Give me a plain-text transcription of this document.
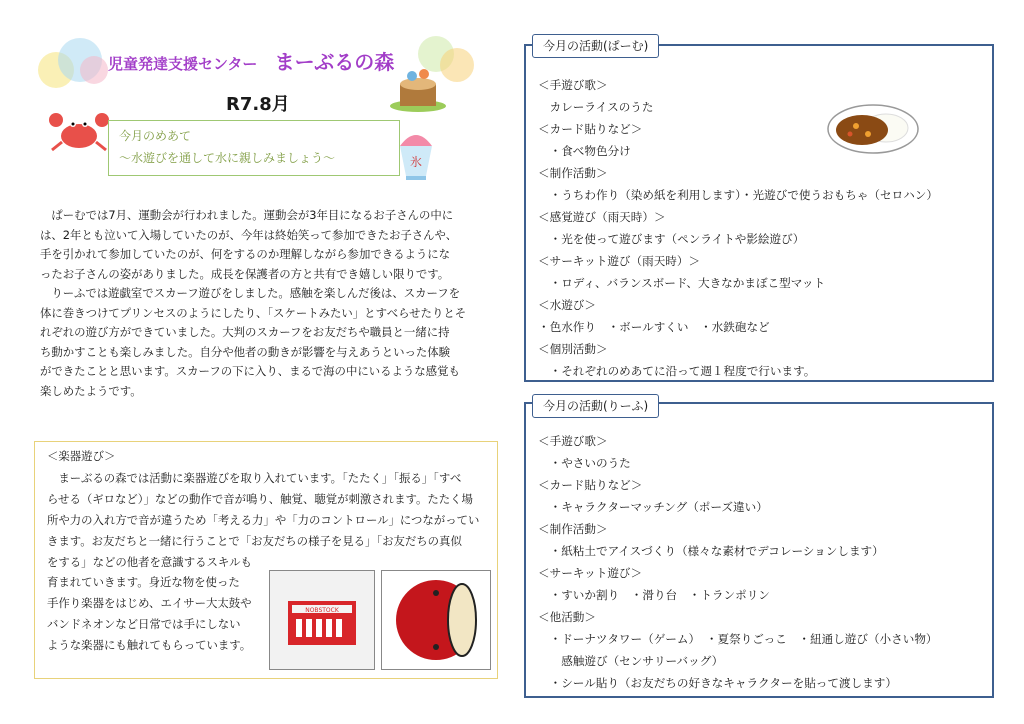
児童発達支援センター まーぶるの森
R7.8月
今月のめあて
～水遊びを通して水に親しみましょう～	氷

　ぱーむでは7月、運動会が行われました。運動会が3年目になるお子さんの中に

は、2年とも泣いて入場していたのが、今年は終始笑って参加できたお子さんや、

手を引かれて参加していたのが、何をするのか理解しながら参加できるようにな

ったお子さんの姿がありました。成長を保護者の方と共有でき嬉しい限りです。

　りーふでは遊戯室でスカーフ遊びをしました。感触を楽しんだ後は、スカーフを

体に巻きつけてプリンセスのようにしたり、「スケートみたい」とすべらせたりとそ

れぞれの遊び方ができていました。大判のスカーフをお友だちや職員と一緒に持

ち動かすことも楽しみました。自分や他者の動きが影響を与えあうといった体験

ができたことと思います。スカーフの下に入り、まるで海の中にいるような感覚も

楽しめたようです。

＜楽器遊び＞
　まーぶるの森では活動に楽器遊びを取り入れています。「たたく」「振る」「すべ
らせる（ギロなど）」などの動作で音が鳴り、触覚、聴覚が刺激されます。たたく場
所や力の入れ方で音が違うため「考える力」や「力のコントロール」につながってい
きます。お友だちと一緒に行うことで「お友だちの様子を見る」「お友だちの真似
をする」などの他者を意識するスキルも
育まれていきます。身近な物を使った
手作り楽器をはじめ、エイサー大太鼓や
バンドネオンなど日常では手にしない
ような楽器にも触れてもらっています。
NOBSTOCK
＜手遊び歌＞
　カレーライスのうた
＜カード貼りなど＞
　・食べ物色分け
＜制作活動＞
　・うちわ作り（染め紙を利用します）・光遊びで使うおもちゃ（セロハン）
＜感覚遊び（雨天時）＞
　・光を使って遊びます（ペンライトや影絵遊び）
＜サーキット遊び（雨天時）＞
　・ロディ、バランスボード、大きなかまぼこ型マット
＜水遊び＞
・色水作り　・ボールすくい　・水鉄砲など
＜個別活動＞
　・それぞれのめあてに沿って週１程度で行います。
今月の活動(ぱーむ)
＜手遊び歌＞
　・やさいのうた
＜カード貼りなど＞
　・キャラクターマッチング（ポーズ違い）
＜制作活動＞
　・紙粘土でアイスづくり（様々な素材でデコレーションします）
＜サーキット遊び＞
　・すいか割り　・滑り台　・トランポリン
＜他活動＞
　・ドーナツタワー（ゲーム）　・夏祭りごっこ　・紐通し遊び（小さい物）
　　感触遊び（センサリーバッグ）
　・シール貼り（お友だちの好きなキャラクターを貼って渡します）
今月の活動(りーふ)
